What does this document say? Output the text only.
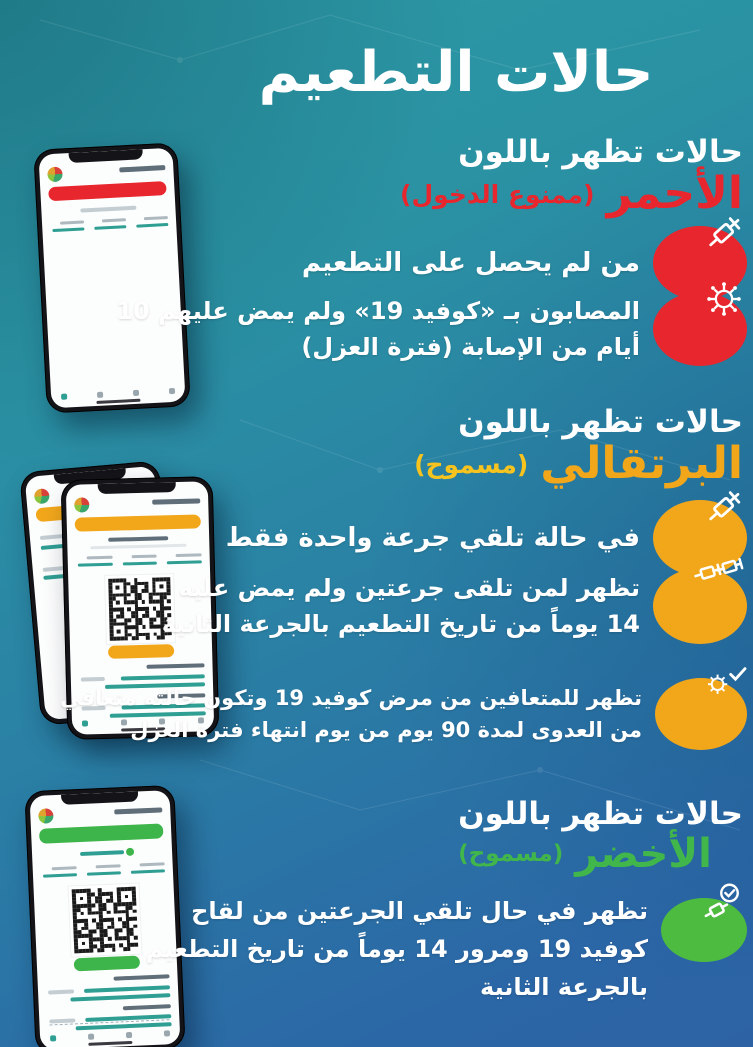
حالات التطعيم
حالات تظهر باللون
الأحمر
(ممنوع الدخول)
من لم يحصل على التطعيم
المصابون بـ «كوفيد 19» ولم يمض عليهم 10
أيام من الإصابة (فترة العزل)
حالات تظهر باللون
البرتقالي
(مسموح)
في حالة تلقي جرعة واحدة فقط
تظهر لمن تلقى جرعتين ولم يمض عليه
14 يوماً من تاريخ التطعيم بالجرعة الثانية
تظهر للمتعافين من مرض كوفيد 19 وتكون حالته متعافي
من العدوى لمدة 90 يوم من يوم انتهاء فترة العزل
حالات تظهر باللون
الأخضر
(مسموح)
تظهر في حال تلقي الجرعتين من لقاح
كوفيد 19 ومرور 14 يوماً من تاريخ التطعيم
بالجرعة الثانية
